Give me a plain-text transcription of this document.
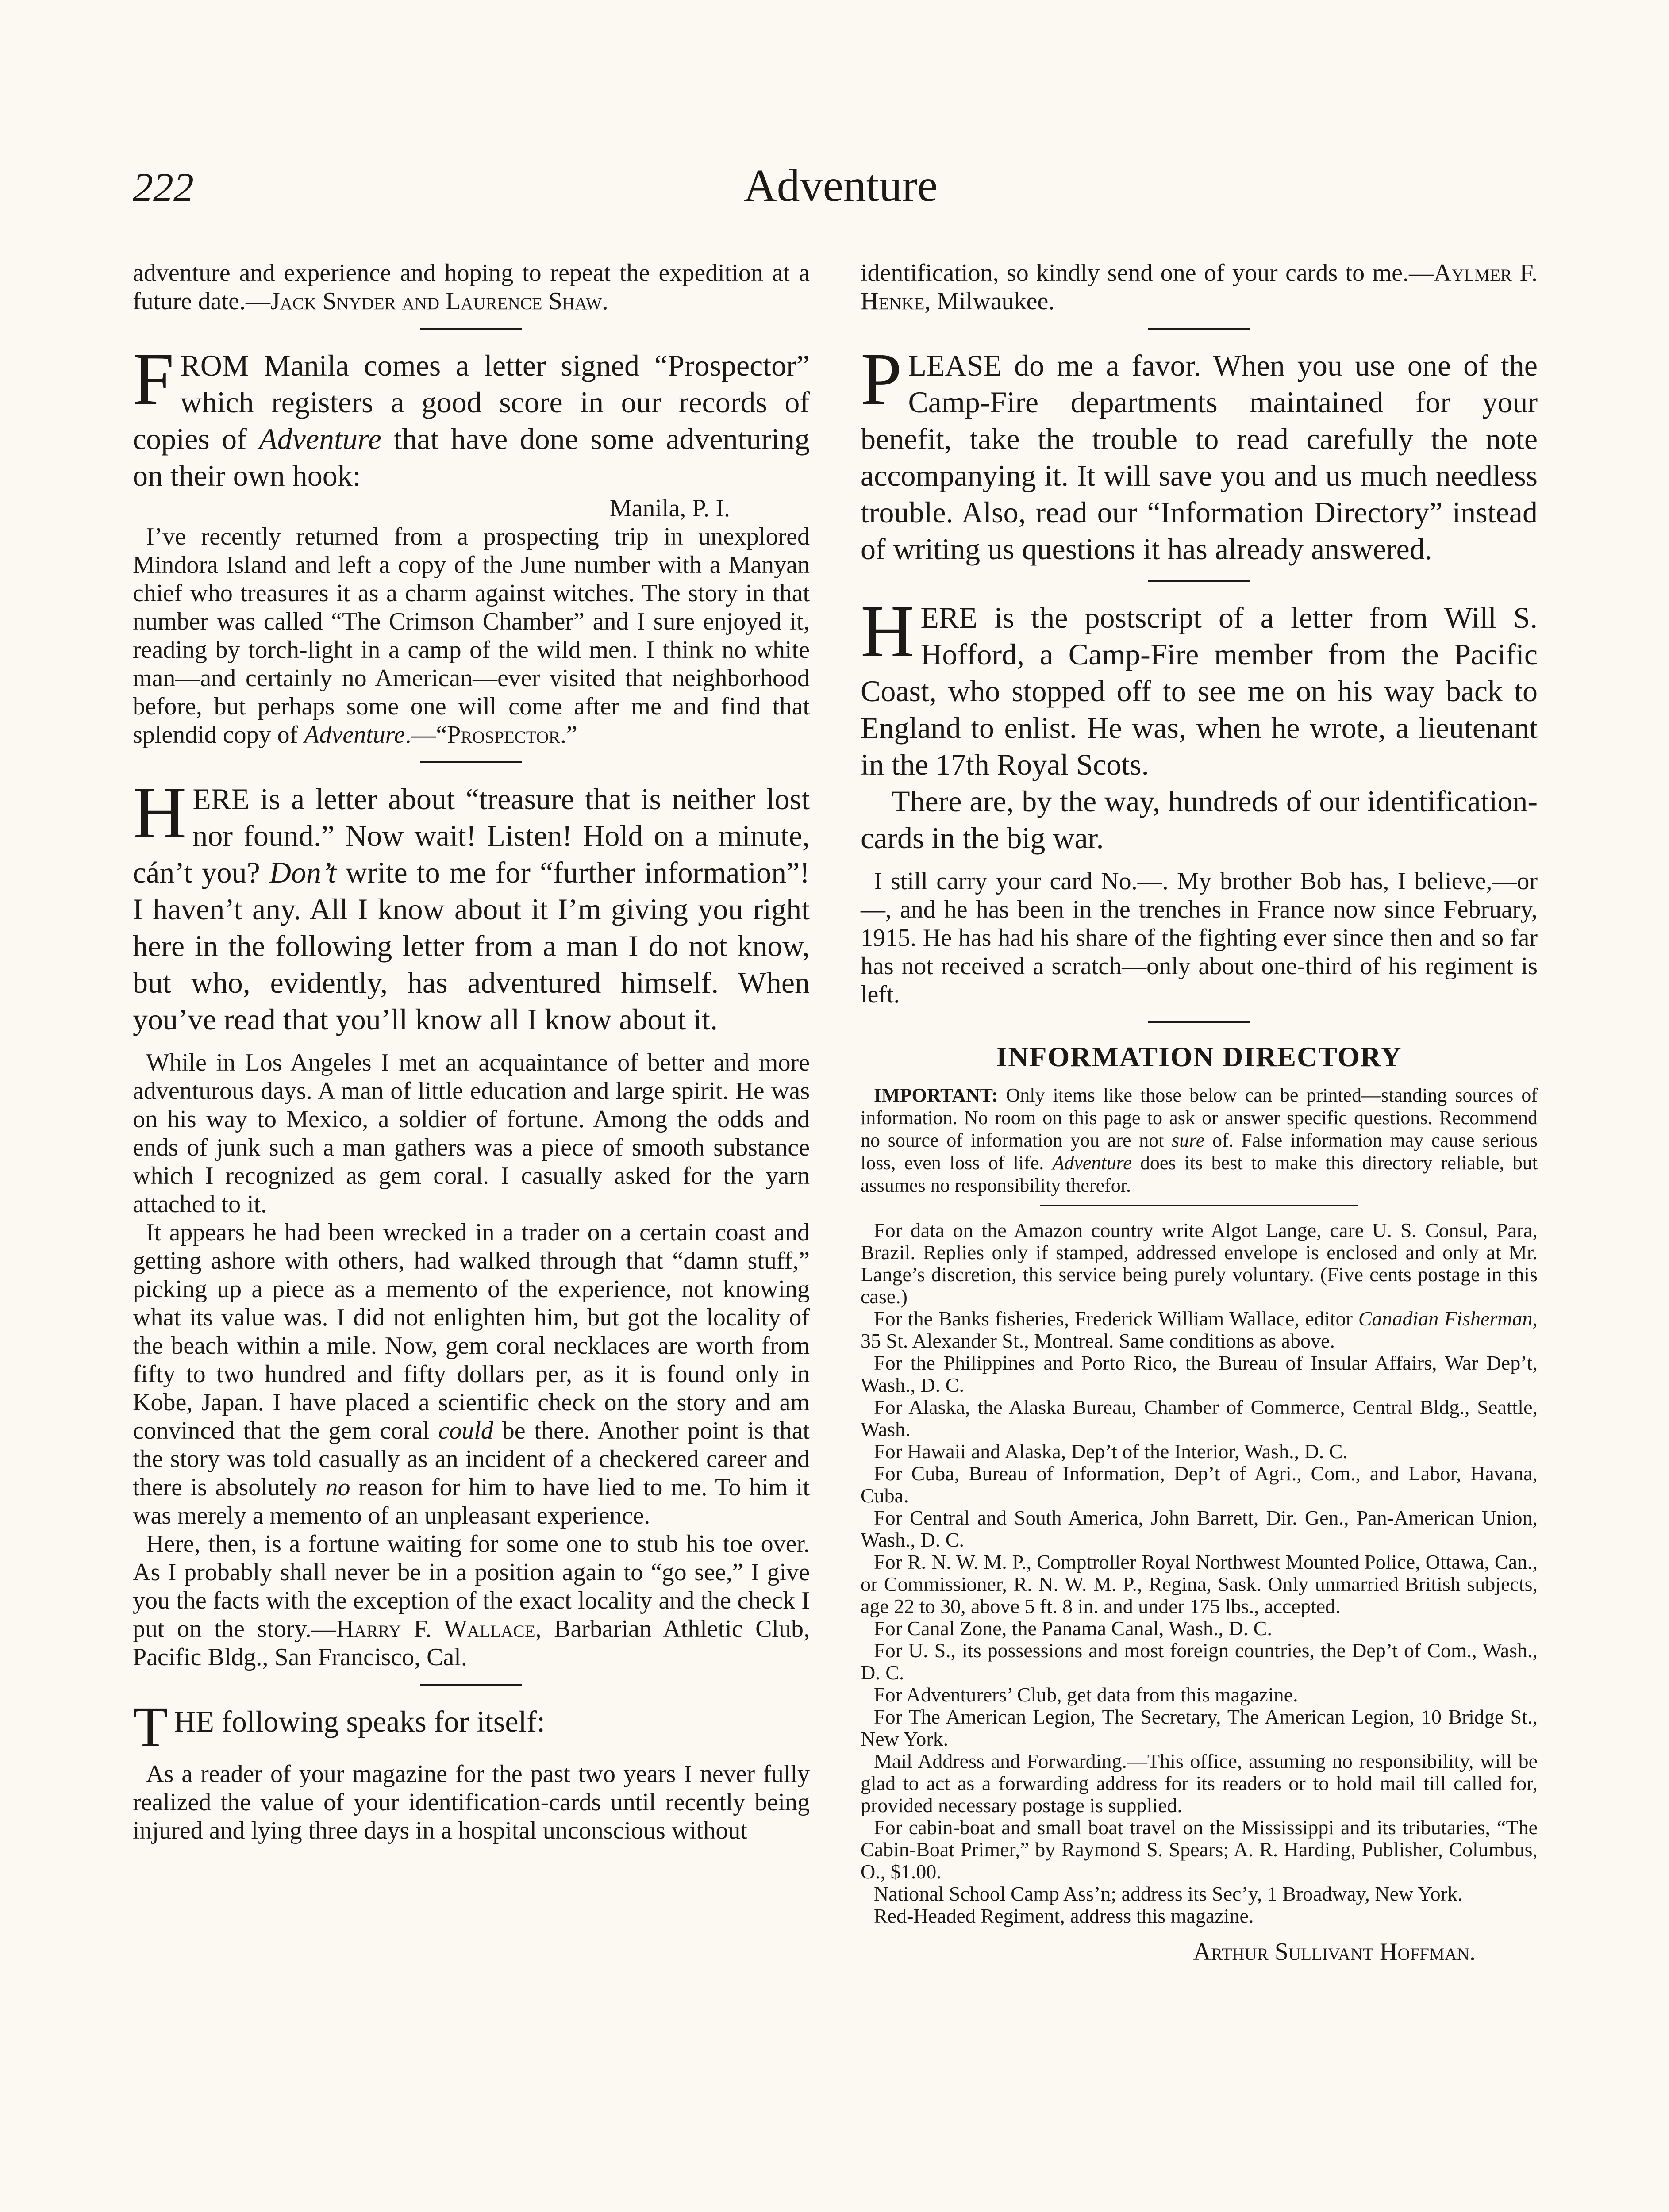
222	Adventure

adventure and experience and hoping to repeat the expedition at a future date.—Jack Snyder and Laurence Shaw.

FROM Manila comes a letter signed “Prospector” which registers a good score in our records of copies of Adventure that have done some adventuring on their own hook:

Manila, P. I.

I’ve recently returned from a prospecting trip in unexplored Mindora Island and left a copy of the June number with a Manyan chief who treasures it as a charm against witches. The story in that number was called “The Crimson Chamber” and I sure enjoyed it, reading by torch-light in a camp of the wild men. I think no white man—and certainly no American—ever visited that neighborhood before, but perhaps some one will come after me and find that splendid copy of Adventure.—“Prospector.”

HERE is a letter about “treasure that is neither lost nor found.” Now wait! Listen! Hold on a minute, cán’t you? Don’t write to me for “further information”! I haven’t any. All I know about it I’m giving you right here in the following letter from a man I do not know, but who, evidently, has adventured himself. When you’ve read that you’ll know all I know about it.

While in Los Angeles I met an acquaintance of better and more adventurous days. A man of little education and large spirit. He was on his way to Mexico, a soldier of fortune. Among the odds and ends of junk such a man gathers was a piece of smooth substance which I recognized as gem coral. I casually asked for the yarn attached to it.

It appears he had been wrecked in a trader on a certain coast and getting ashore with others, had walked through that “damn stuff,” picking up a piece as a memento of the experience, not knowing what its value was. I did not enlighten him, but got the locality of the beach within a mile. Now, gem coral necklaces are worth from fifty to two hundred and fifty dollars per, as it is found only in Kobe, Japan. I have placed a scientific check on the story and am convinced that the gem coral could be there. Another point is that the story was told casually as an incident of a checkered career and there is absolutely no reason for him to have lied to me. To him it was merely a memento of an unpleasant experience.

Here, then, is a fortune waiting for some one to stub his toe over. As I probably shall never be in a position again to “go see,” I give you the facts with the exception of the exact locality and the check I put on the story.—Harry F. Wallace, Barbarian Athletic Club, Pacific Bldg., San Francisco, Cal.

THE following speaks for itself:

As a reader of your magazine for the past two years I never fully realized the value of your identification-cards until recently being injured and lying three days in a hospital unconscious without

identification, so kindly send one of your cards to me.—Aylmer F. Henke, Milwaukee.

PLEASE do me a favor. When you use one of the Camp-Fire departments maintained for your benefit, take the trouble to read carefully the note accompanying it. It will save you and us much needless trouble. Also, read our “Information Directory” instead of writing us questions it has already answered.

HERE is the postscript of a letter from Will S. Hofford, a Camp-Fire member from the Pacific Coast, who stopped off to see me on his way back to England to enlist. He was, when he wrote, a lieutenant in the 17th Royal Scots.

There are, by the way, hundreds of our identification-cards in the big war.

I still carry your card No.—. My brother Bob has, I believe,—or—, and he has been in the trenches in France now since February, 1915. He has had his share of the fighting ever since then and so far has not received a scratch—only about one-third of his regiment is left.

INFORMATION DIRECTORY

IMPORTANT: Only items like those below can be printed—standing sources of information. No room on this page to ask or answer specific questions. Recommend no source of information you are not sure of. False information may cause serious loss, even loss of life. Adventure does its best to make this directory reliable, but assumes no responsibility therefor.

For data on the Amazon country write Algot Lange, care U. S. Consul, Para, Brazil. Replies only if stamped, addressed envelope is enclosed and only at Mr. Lange’s discretion, this service being purely voluntary. (Five cents postage in this case.)

For the Banks fisheries, Frederick William Wallace, editor Canadian Fisherman, 35 St. Alexander St., Montreal. Same conditions as above.

For the Philippines and Porto Rico, the Bureau of Insular Affairs, War Dep’t, Wash., D. C.

For Alaska, the Alaska Bureau, Chamber of Commerce, Central Bldg., Seattle, Wash.

For Hawaii and Alaska, Dep’t of the Interior, Wash., D. C.

For Cuba, Bureau of Information, Dep’t of Agri., Com., and Labor, Havana, Cuba.

For Central and South America, John Barrett, Dir. Gen., Pan-American Union, Wash., D. C.

For R. N. W. M. P., Comptroller Royal Northwest Mounted Police, Ottawa, Can., or Commissioner, R. N. W. M. P., Regina, Sask. Only unmarried British subjects, age 22 to 30, above 5 ft. 8 in. and under 175 lbs., accepted.

For Canal Zone, the Panama Canal, Wash., D. C.

For U. S., its possessions and most foreign countries, the Dep’t of Com., Wash., D. C.

For Adventurers’ Club, get data from this magazine.

For The American Legion, The Secretary, The American Legion, 10 Bridge St., New York.

Mail Address and Forwarding.—This office, assuming no responsibility, will be glad to act as a forwarding address for its readers or to hold mail till called for, provided necessary postage is supplied.

For cabin-boat and small boat travel on the Mississippi and its tributaries, “The Cabin-Boat Primer,” by Raymond S. Spears; A. R. Harding, Publisher, Columbus, O., $1.00.

National School Camp Ass’n; address its Sec’y, 1 Broadway, New York.

Red-Headed Regiment, address this magazine.

Arthur Sullivant Hoffman.
